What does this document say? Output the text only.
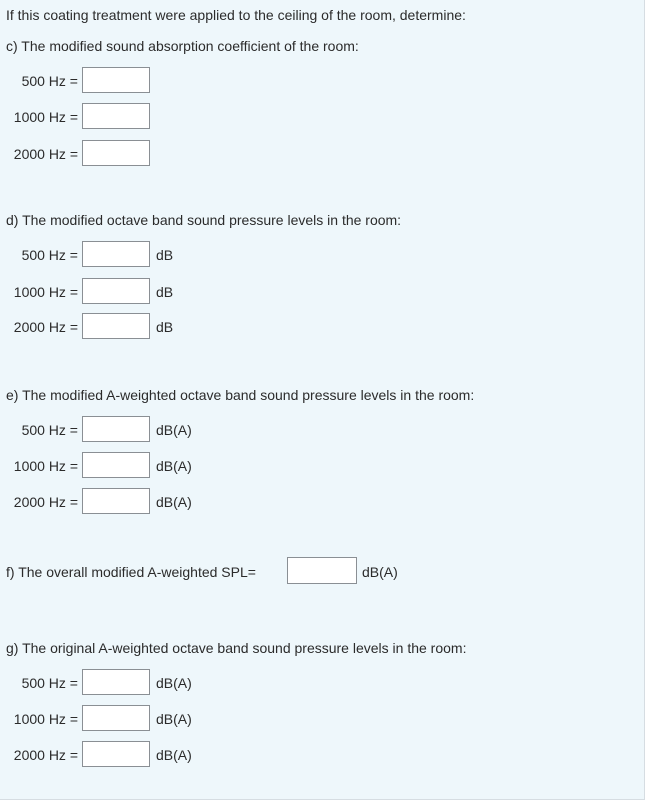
If this coating treatment were applied to the ceiling of the room, determine:
c) The modified sound absorption coefficient of the room:
500 Hz =
1000 Hz =
2000 Hz =
d) The modified octave band sound pressure levels in the room:
500 Hz =	dB
1000 Hz =	dB
2000 Hz =	dB
e) The modified A-weighted octave band sound pressure levels in the room:
500 Hz =	dB(A)
1000 Hz =	dB(A)
2000 Hz =	dB(A)
f) The overall modified A-weighted SPL=	dB(A)
g) The original A-weighted octave band sound pressure levels in the room:
500 Hz =	dB(A)
1000 Hz =	dB(A)
2000 Hz =	dB(A)
